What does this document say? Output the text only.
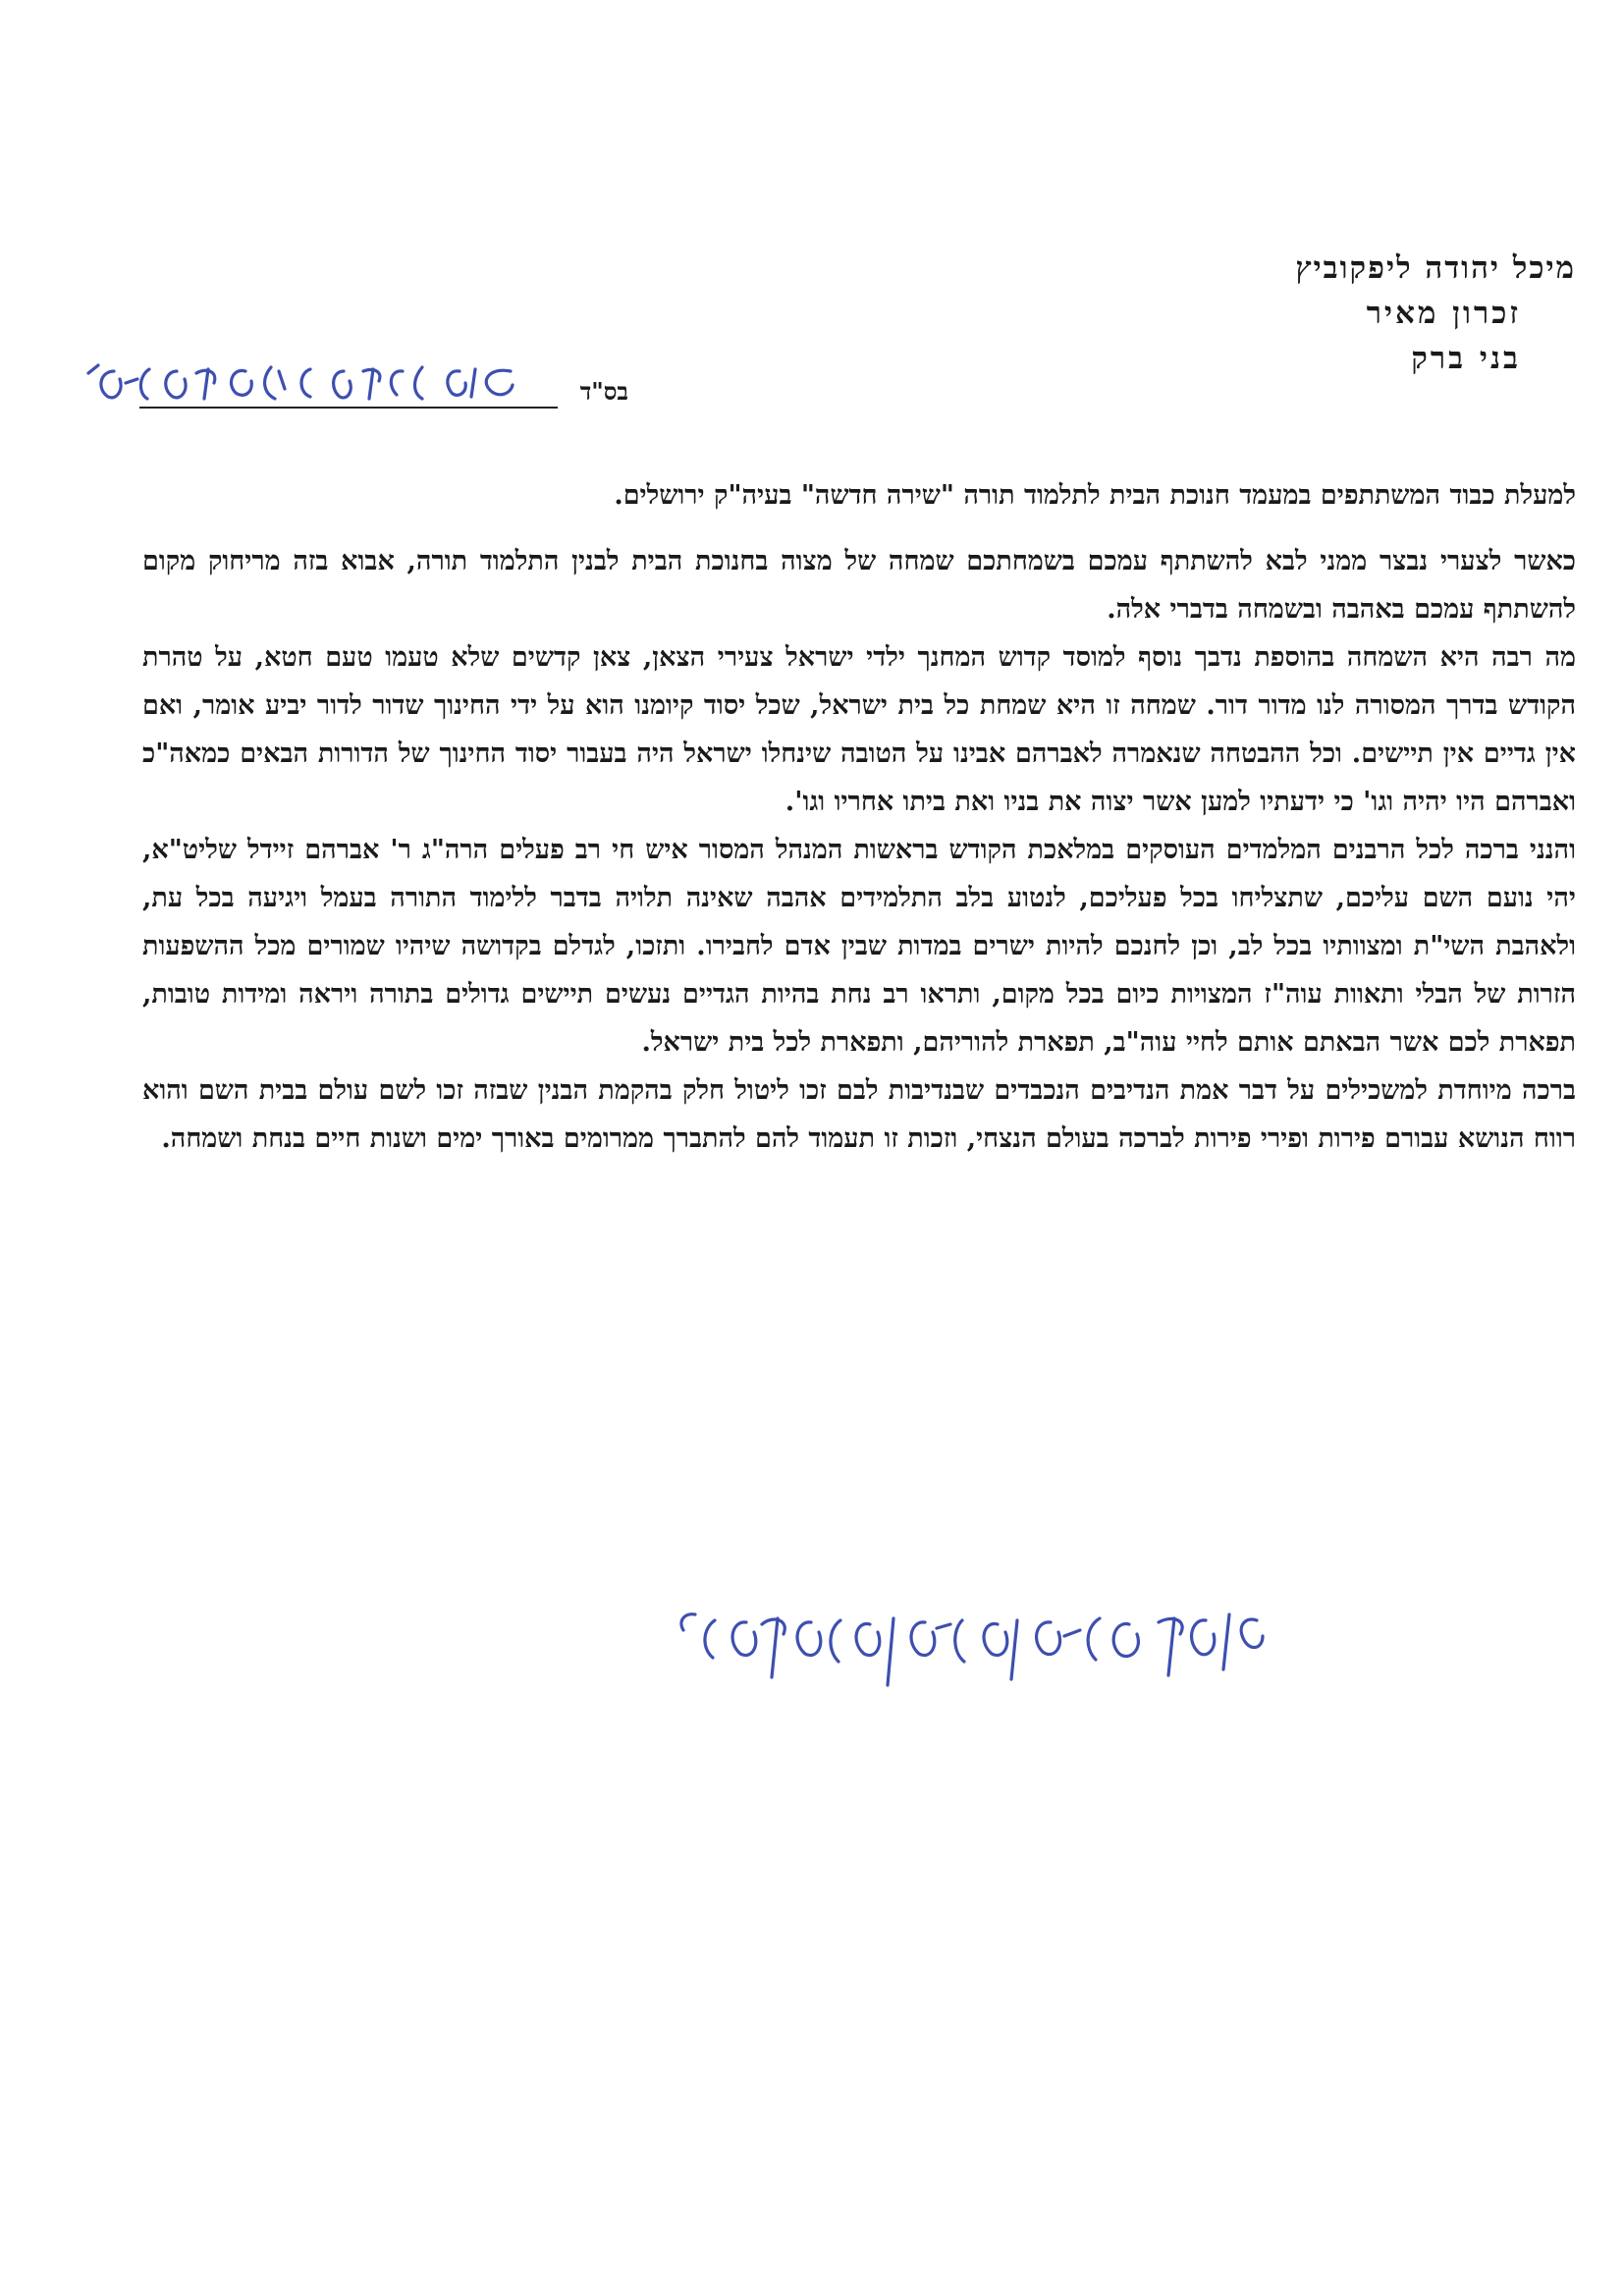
מיכל יהודה ליפקוביץ
זכרון מאיר
בני ברק
בס"ד
למעלת כבוד המשתתפים במעמד חנוכת הבית לתלמוד תורה "שירה חדשה" בעיה"ק ירושלים.

כאשר לצערי נבצר ממני לבא להשתתף עמכם בשמחתכם שמחה של מצוה בחנוכת הבית לבנין התלמוד תורה, אבוא בזה מריחוק מקום להשתתף עמכם באהבה ובשמחה בדברי אלה.

מה רבה היא השמחה בהוספת נדבך נוסף למוסד קדוש המחנך ילדי ישראל צעירי הצאן, צאן קדשים שלא טעמו טעם חטא, על טהרת הקודש בדרך המסורה לנו מדור דור. שמחה זו היא שמחת כל בית ישראל, שכל יסוד קיומנו הוא על ידי החינוך שדור לדור יביע אומר, ואם אין גדיים אין תיישים. וכל ההבטחה שנאמרה לאברהם אבינו על הטובה שינחלו ישראל היה בעבור יסוד החינוך של הדורות הבאים כמאה"כ ואברהם היו יהיה וגו' כי ידעתיו למען אשר יצוה את בניו ואת ביתו אחריו וגו'.

והנני ברכה לכל הרבנים המלמדים העוסקים במלאכת הקודש בראשות המנהל המסור איש חי רב פעלים הרה"ג ר' אברהם זיידל שליט"א, יהי נועם השם עליכם, שתצליחו בכל פעליכם, לנטוע בלב התלמידים אהבה שאינה תלויה בדבר ללימוד התורה בעמל ויגיעה בכל עת, ולאהבת השי"ת ומצוותיו בכל לב, וכן לחנכם להיות ישרים במדות שבין אדם לחבירו. ותזכו, לגדלם בקדושה שיהיו שמורים מכל ההשפעות הזרות של הבלי ותאוות עוה"ז המצויות כיום בכל מקום, ותראו רב נחת בהיות הגדיים נעשים תיישים גדולים בתורה ויראה ומידות טובות, תפארת לכם אשר הבאתם אותם לחיי עוה"ב, תפארת להוריהם, ותפארת לכל בית ישראל.

ברכה מיוחדת למשכילים על דבר אמת הנדיבים הנכבדים שבנדיבות לבם זכו ליטול חלק בהקמת הבנין שבזה זכו לשם עולם בבית השם והוא רווח הנושא עבורם פירות ופירי פירות לברכה בעולם הנצחי, וזכות זו תעמוד להם להתברך ממרומים באורך ימים ושנות חיים בנחת ושמחה.
